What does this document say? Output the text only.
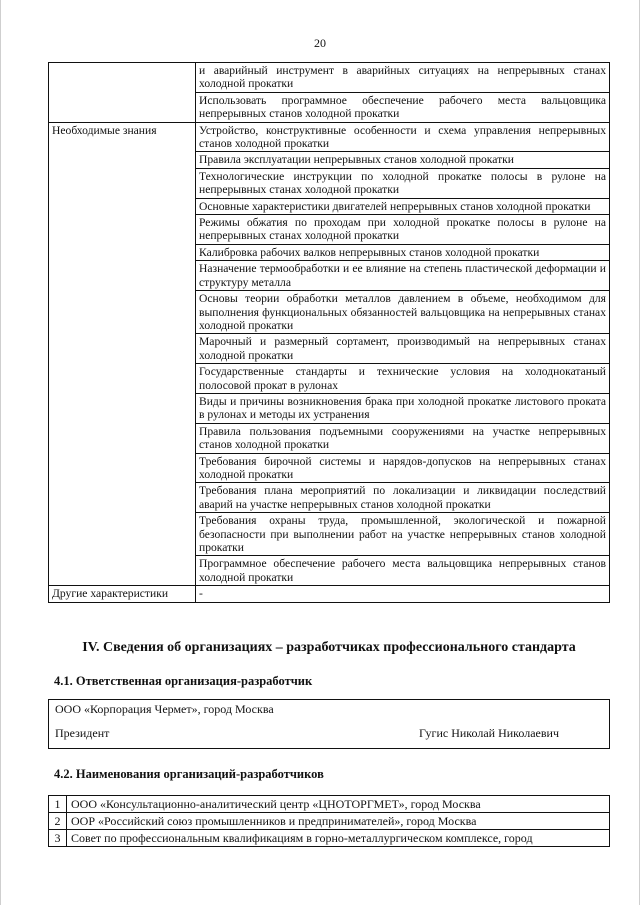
20
	и аварийный инструмент в аварийных ситуациях на непрерывных станах холодной прокатки
	Использовать программное обеспечение рабочего места вальцовщика непрерывных станов холодной прокатки
Необходимые знания	Устройство, конструктивные особенности и схема управления непрерывных станов холодной прокатки
	Правила эксплуатации непрерывных станов холодной прокатки
	Технологические инструкции по холодной прокатке полосы в рулоне на непрерывных станах холодной прокатки
	Основные характеристики двигателей непрерывных станов холодной прокатки
	Режимы обжатия по проходам при холодной прокатке полосы в рулоне на непрерывных станах холодной прокатки
	Калибровка рабочих валков непрерывных станов холодной прокатки
	Назначение термообработки и ее влияние на степень пластической деформации и структуру металла
	Основы теории обработки металлов давлением в объеме, необходимом для выполнения функциональных обязанностей вальцовщика на непрерывных станах холодной прокатки
	Марочный и размерный сортамент, производимый на непрерывных станах холодной прокатки
	Государственные стандарты и технические условия на холоднокатаный полосовой прокат в рулонах
	Виды и причины возникновения брака при холодной прокатке листового проката в рулонах и методы их устранения
	Правила пользования подъемными сооружениями на участке непрерывных станов холодной прокатки
	Требования бирочной системы и нарядов-допусков на непрерывных станах холодной прокатки
	Требования плана мероприятий по локализации и ликвидации последствий аварий на участке непрерывных станов холодной прокатки
	Требования охраны труда, промышленной, экологической и пожарной безопасности при выполнении работ на участке непрерывных станов холодной прокатки
	Программное обеспечение рабочего места вальцовщика непрерывных станов холодной прокатки
Другие характеристики	-
IV. Сведения об организациях – разработчиках профессионального стандарта
4.1. Ответственная организация-разработчик
ООО «Корпорация Чермет», город Москва

Президент	Гугис Николай Николаевич
4.2. Наименования организаций-разработчиков
1	ООО «Консультационно-аналитический центр «ЦНОТОРГМЕТ», город Москва
2	ООР «Российский союз промышленников и предпринимателей», город Москва
3	Совет по профессиональным квалификациям в горно-металлургическом комплексе, город
